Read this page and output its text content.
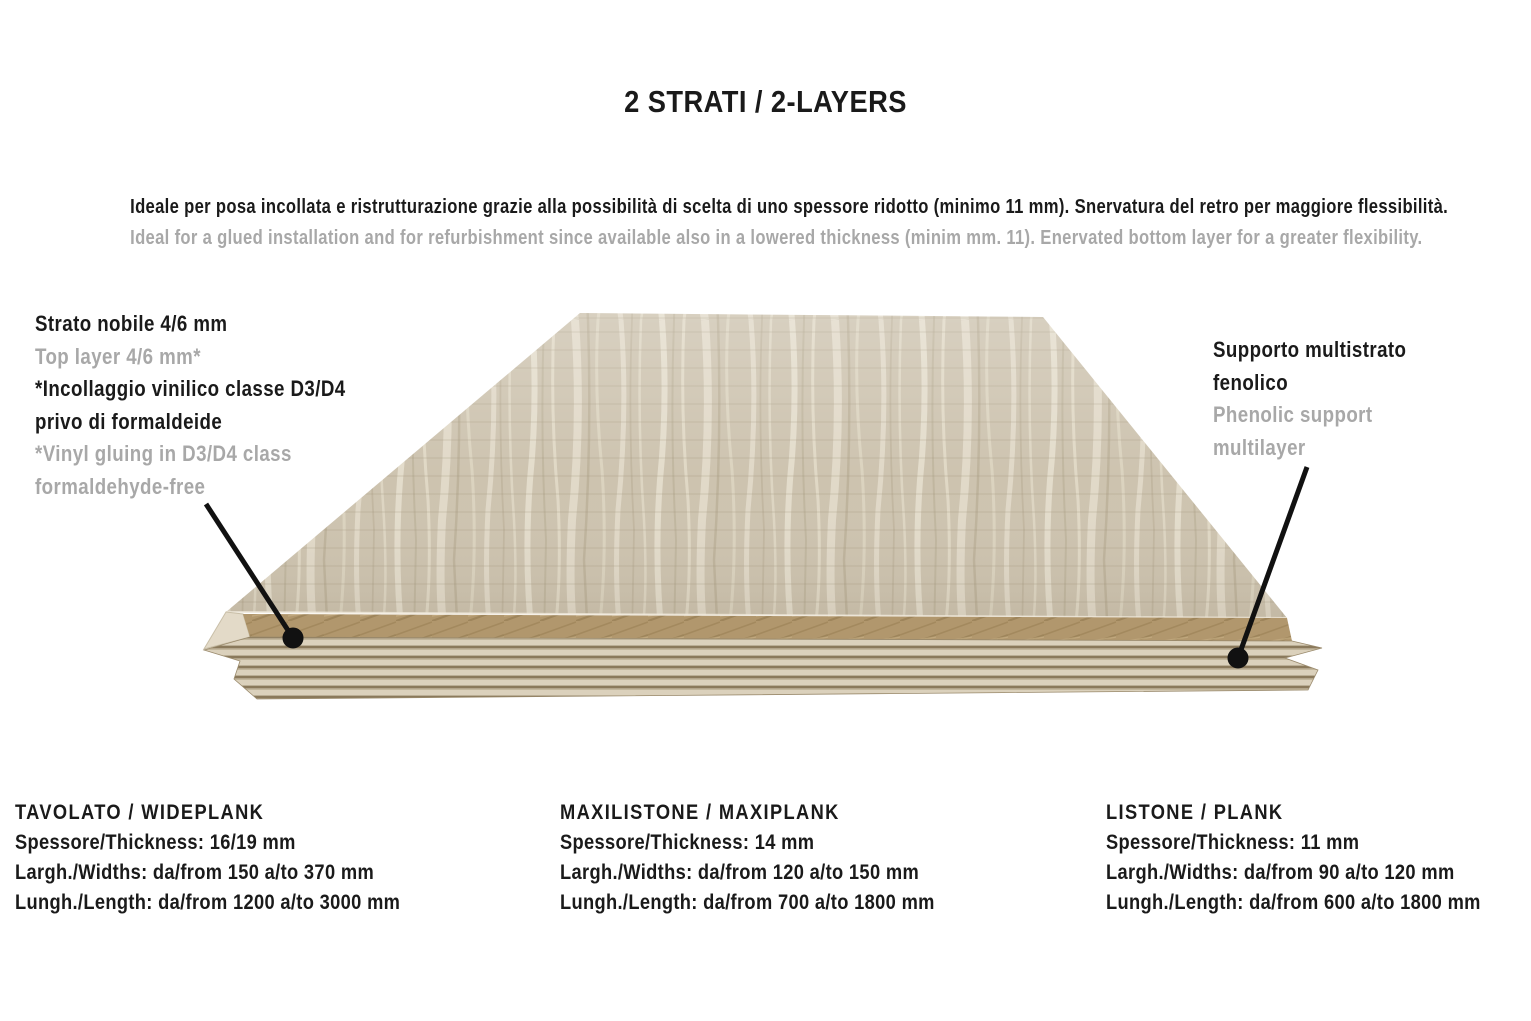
2 STRATI / 2-LAYERS

Ideale per posa incollata e ristrutturazione grazie alla possibilità di scelta di uno spessore ridotto (minimo 11 mm). Snervatura del retro per maggiore flessibilità.

Ideal for a glued installation and for refurbishment since available also in a lowered thickness (minim mm. 11). Enervated bottom layer for a greater flexibility.

Strato nobile 4/6 mm

Top layer 4/6 mm*

*Incollaggio vinilico classe D3/D4

privo di formaldeide

*Vinyl gluing in D3/D4 class

formaldehyde-free

Supporto multistrato

fenolico

Phenolic support

multilayer

TAVOLATO / WIDEPLANK

Spessore/Thickness: 16/19 mm

Largh./Widths: da/from 150 a/to 370 mm

Lungh./Length: da/from 1200 a/to 3000 mm

MAXILISTONE / MAXIPLANK

Spessore/Thickness: 14 mm

Largh./Widths: da/from 120 a/to 150 mm

Lungh./Length: da/from 700 a/to 1800 mm

LISTONE / PLANK

Spessore/Thickness: 11 mm

Largh./Widths: da/from 90 a/to 120 mm

Lungh./Length: da/from 600 a/to 1800 mm
